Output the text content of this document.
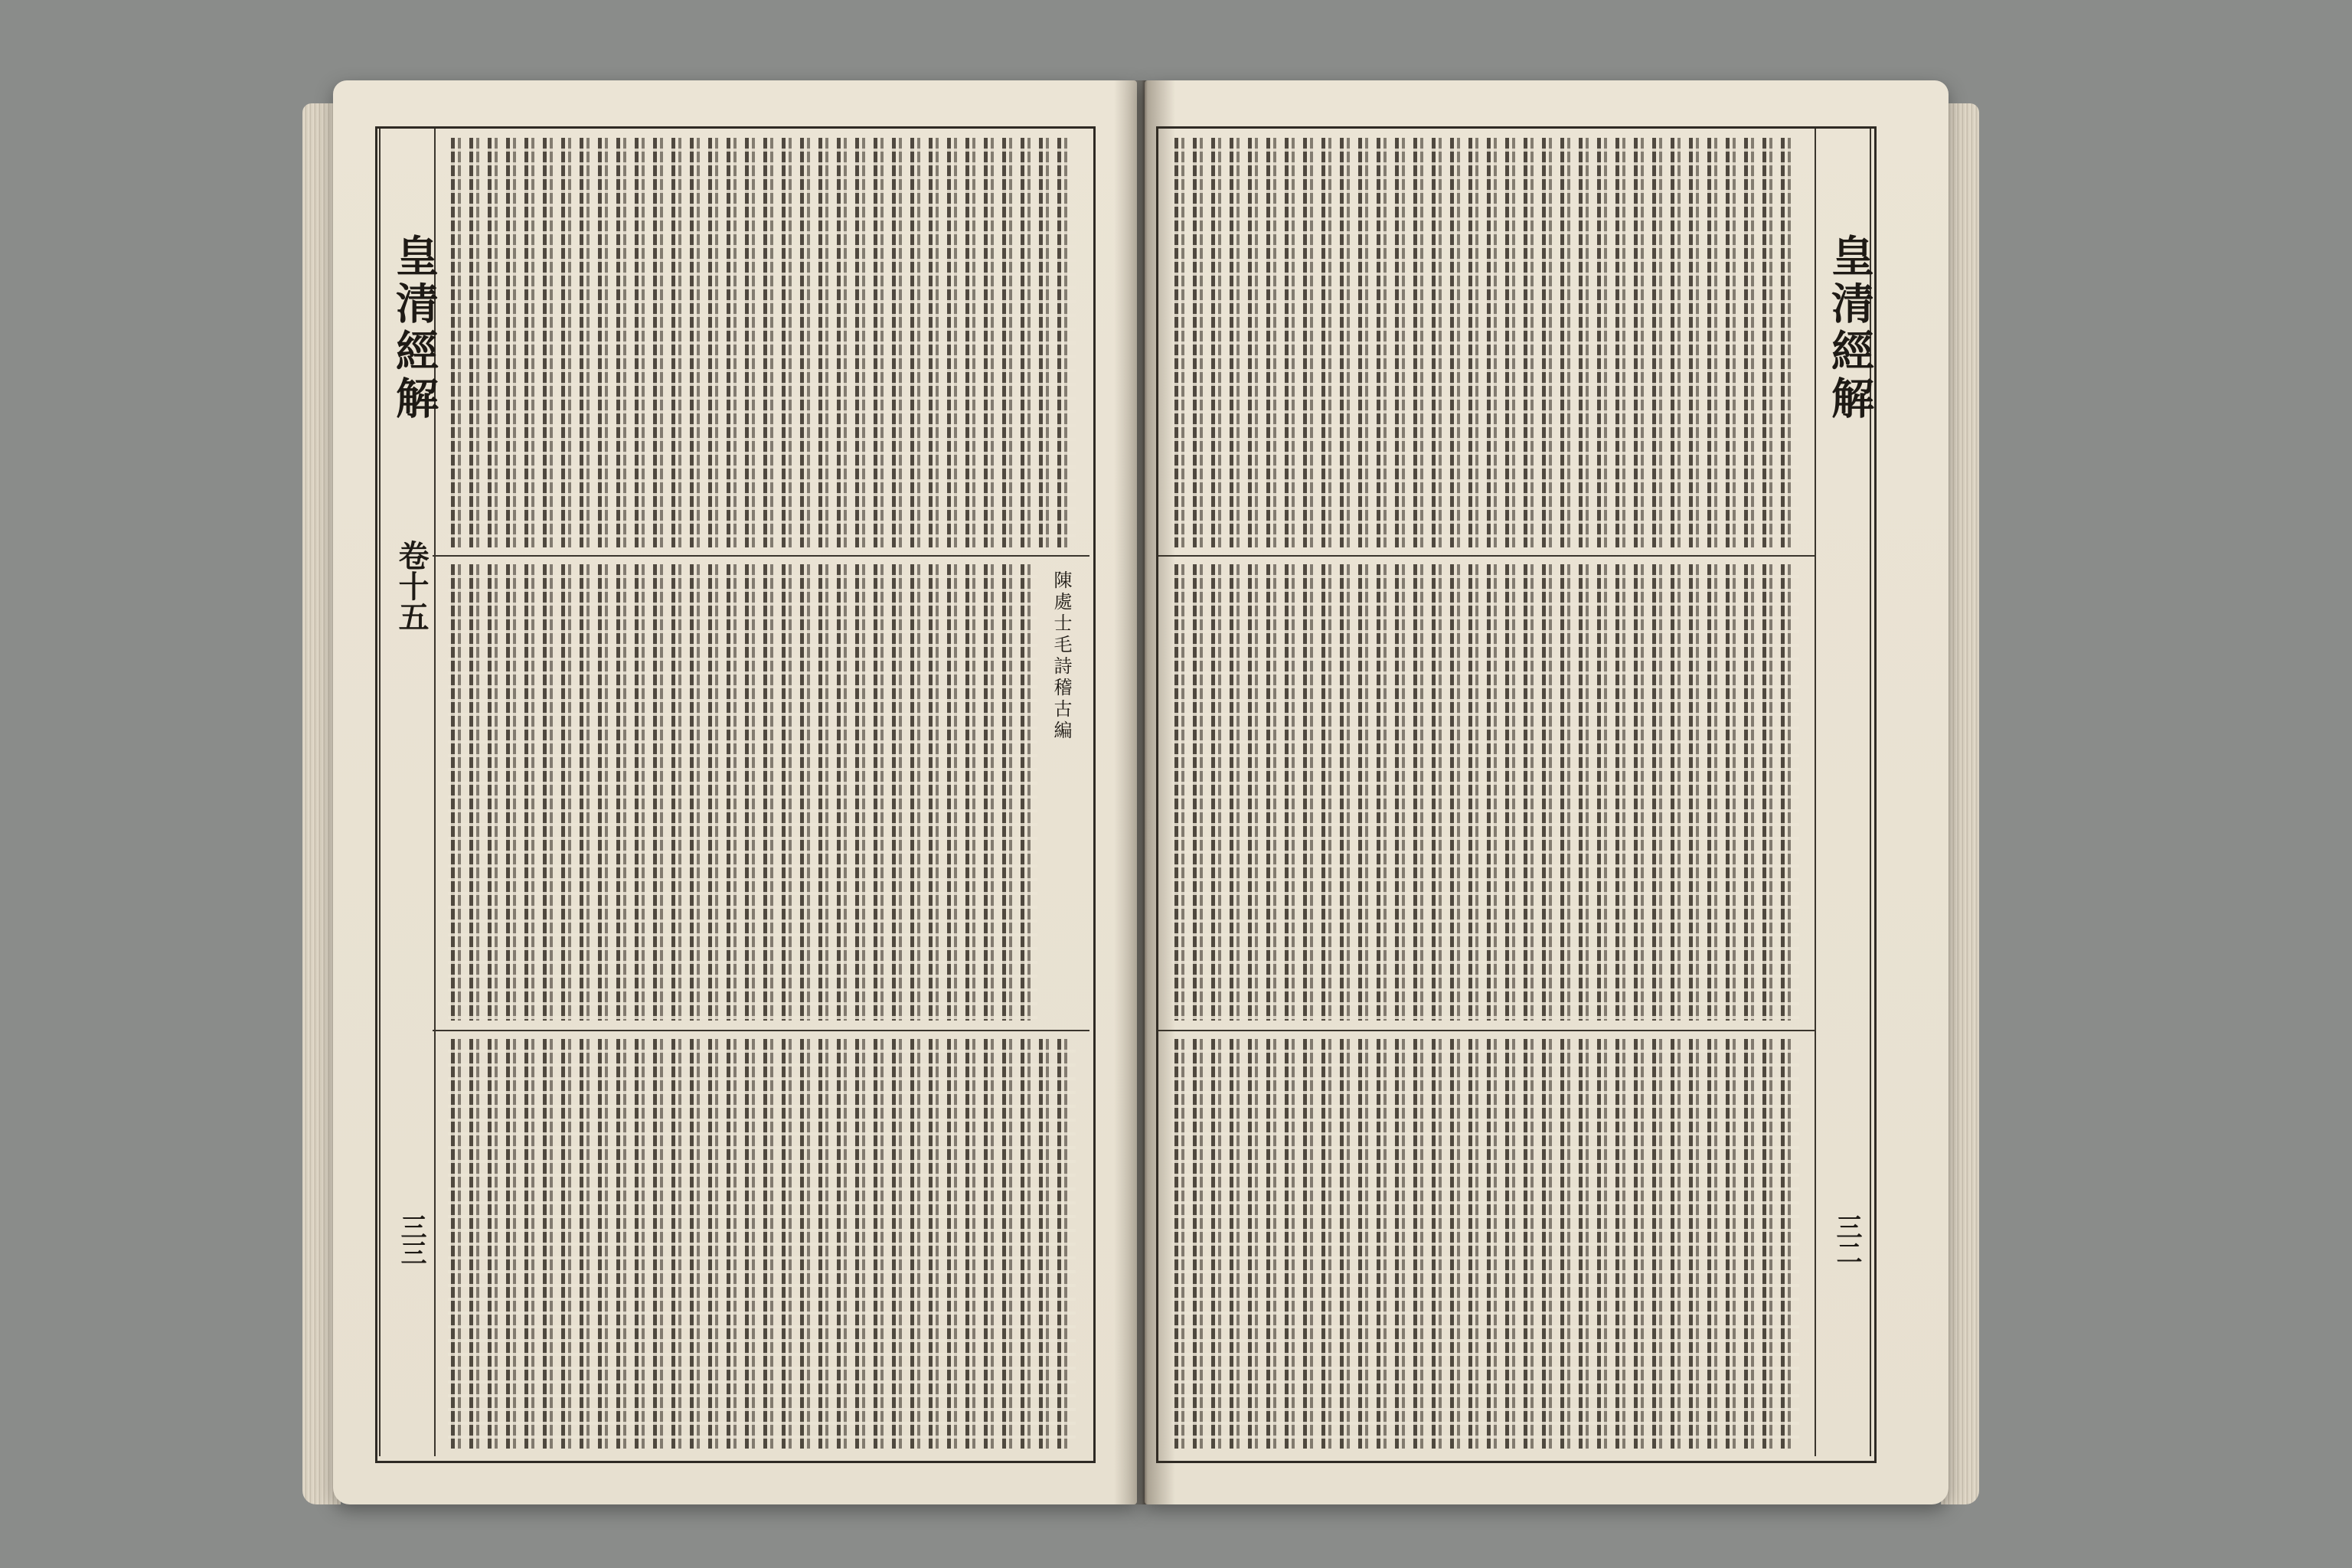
皇清經解
卷十五
三三
陳處士毛詩稽古編
皇清經解
三二
